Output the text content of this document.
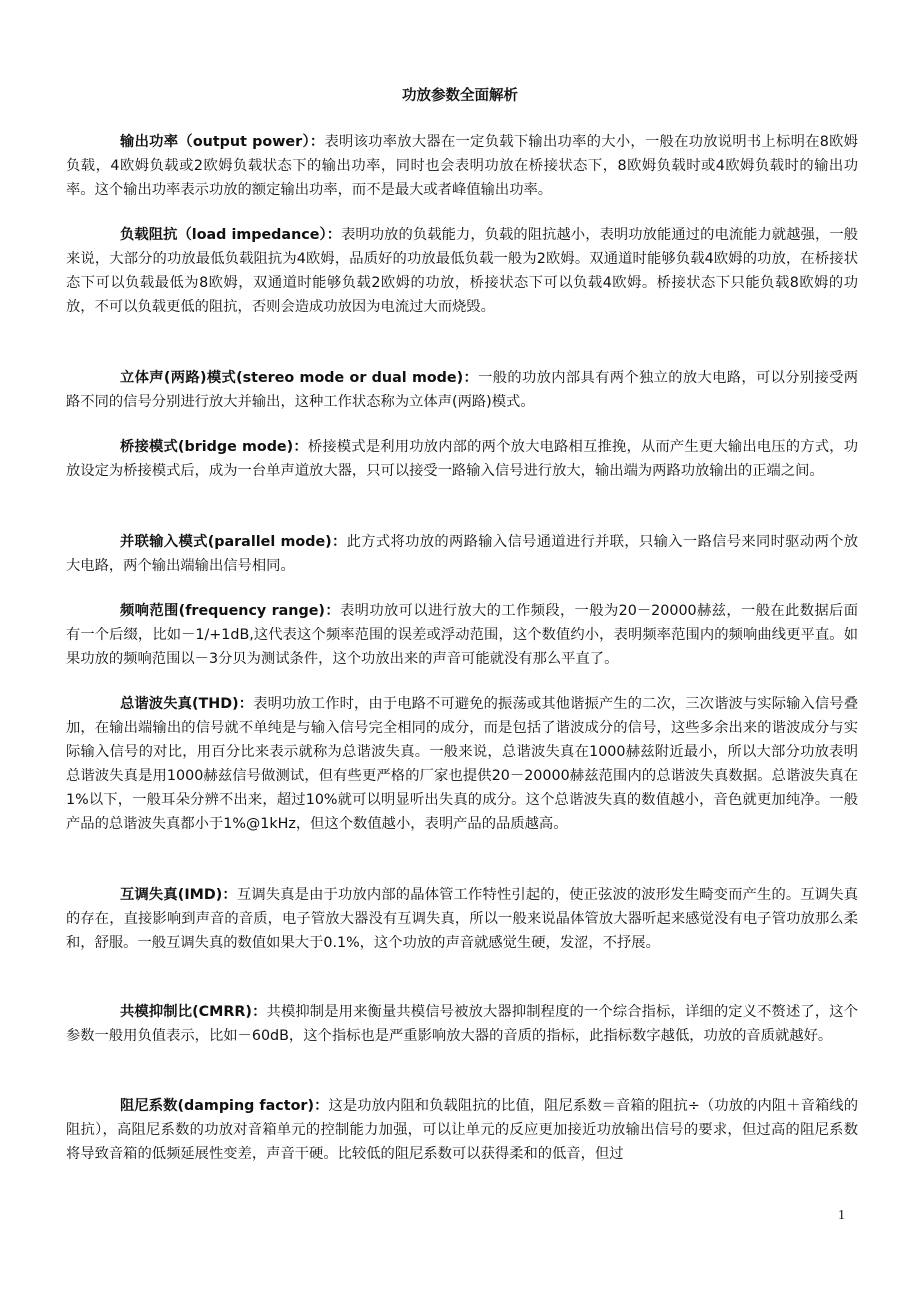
功放参数全面解析

输出功率（output power）：表明该功率放大器在一定负载下输出功率的大小，一般在功放说明书上标明在8欧姆负载，4欧姆负载或2欧姆负载状态下的输出功率，同时也会表明功放在桥接状态下，8欧姆负载时或4欧姆负载时的输出功率。这个输出功率表示功放的额定输出功率，而不是最大或者峰值输出功率。

负载阻抗（load impedance）：表明功放的负载能力，负载的阻抗越小，表明功放能通过的电流能力就越强，一般来说，大部分的功放最低负载阻抗为4欧姆，品质好的功放最低负载一般为2欧姆。双通道时能够负载4欧姆的功放，在桥接状态下可以负载最低为8欧姆，双通道时能够负载2欧姆的功放，桥接状态下可以负载4欧姆。桥接状态下只能负载8欧姆的功放，不可以负载更低的阻抗，否则会造成功放因为电流过大而烧毁。

立体声(两路)模式(stereo mode or dual mode)：一般的功放内部具有两个独立的放大电路，可以分别接受两路不同的信号分别进行放大并输出，这种工作状态称为立体声(两路)模式。

桥接模式(bridge mode)：桥接模式是利用功放内部的两个放大电路相互推挽，从而产生更大输出电压的方式，功放设定为桥接模式后，成为一台单声道放大器，只可以接受一路输入信号进行放大，输出端为两路功放输出的正端之间。

并联输入模式(parallel mode)：此方式将功放的两路输入信号通道进行并联，只输入一路信号来同时驱动两个放大电路，两个输出端输出信号相同。

频响范围(frequency range)：表明功放可以进行放大的工作频段，一般为20－20000赫兹，一般在此数据后面有一个后缀，比如－1/+1dB,这代表这个频率范围的误差或浮动范围，这个数值约小，表明频率范围内的频响曲线更平直。如果功放的频响范围以－3分贝为测试条件，这个功放出来的声音可能就没有那么平直了。

总谐波失真(THD)：表明功放工作时，由于电路不可避免的振荡或其他谐振产生的二次，三次谐波与实际输入信号叠加，在输出端输出的信号就不单纯是与输入信号完全相同的成分，而是包括了谐波成分的信号，这些多余出来的谐波成分与实际输入信号的对比，用百分比来表示就称为总谐波失真。一般来说，总谐波失真在1000赫兹附近最小，所以大部分功放表明总谐波失真是用1000赫兹信号做测试，但有些更严格的厂家也提供20－20000赫兹范围内的总谐波失真数据。总谐波失真在1%以下，一般耳朵分辨不出来，超过10%就可以明显听出失真的成分。这个总谐波失真的数值越小，音色就更加纯净。一般产品的总谐波失真都小于1%@1kHz，但这个数值越小，表明产品的品质越高。

互调失真(IMD)：互调失真是由于功放内部的晶体管工作特性引起的，使正弦波的波形发生畸变而产生的。互调失真的存在，直接影响到声音的音质，电子管放大器没有互调失真，所以一般来说晶体管放大器听起来感觉没有电子管功放那么柔和，舒服。一般互调失真的数值如果大于0.1%，这个功放的声音就感觉生硬，发涩，不抒展。

共模抑制比(CMRR)：共模抑制是用来衡量共模信号被放大器抑制程度的一个综合指标，详细的定义不赘述了，这个参数一般用负值表示，比如－60dB，这个指标也是严重影响放大器的音质的指标，此指标数字越低，功放的音质就越好。

阻尼系数(damping factor)：这是功放内阻和负载阻抗的比值，阻尼系数＝音箱的阻抗÷（功放的内阻＋音箱线的阻抗），高阻尼系数的功放对音箱单元的控制能力加强，可以让单元的反应更加接近功放输出信号的要求，但过高的阻尼系数将导致音箱的低频延展性变差，声音干硬。比较低的阻尼系数可以获得柔和的低音，但过

1
